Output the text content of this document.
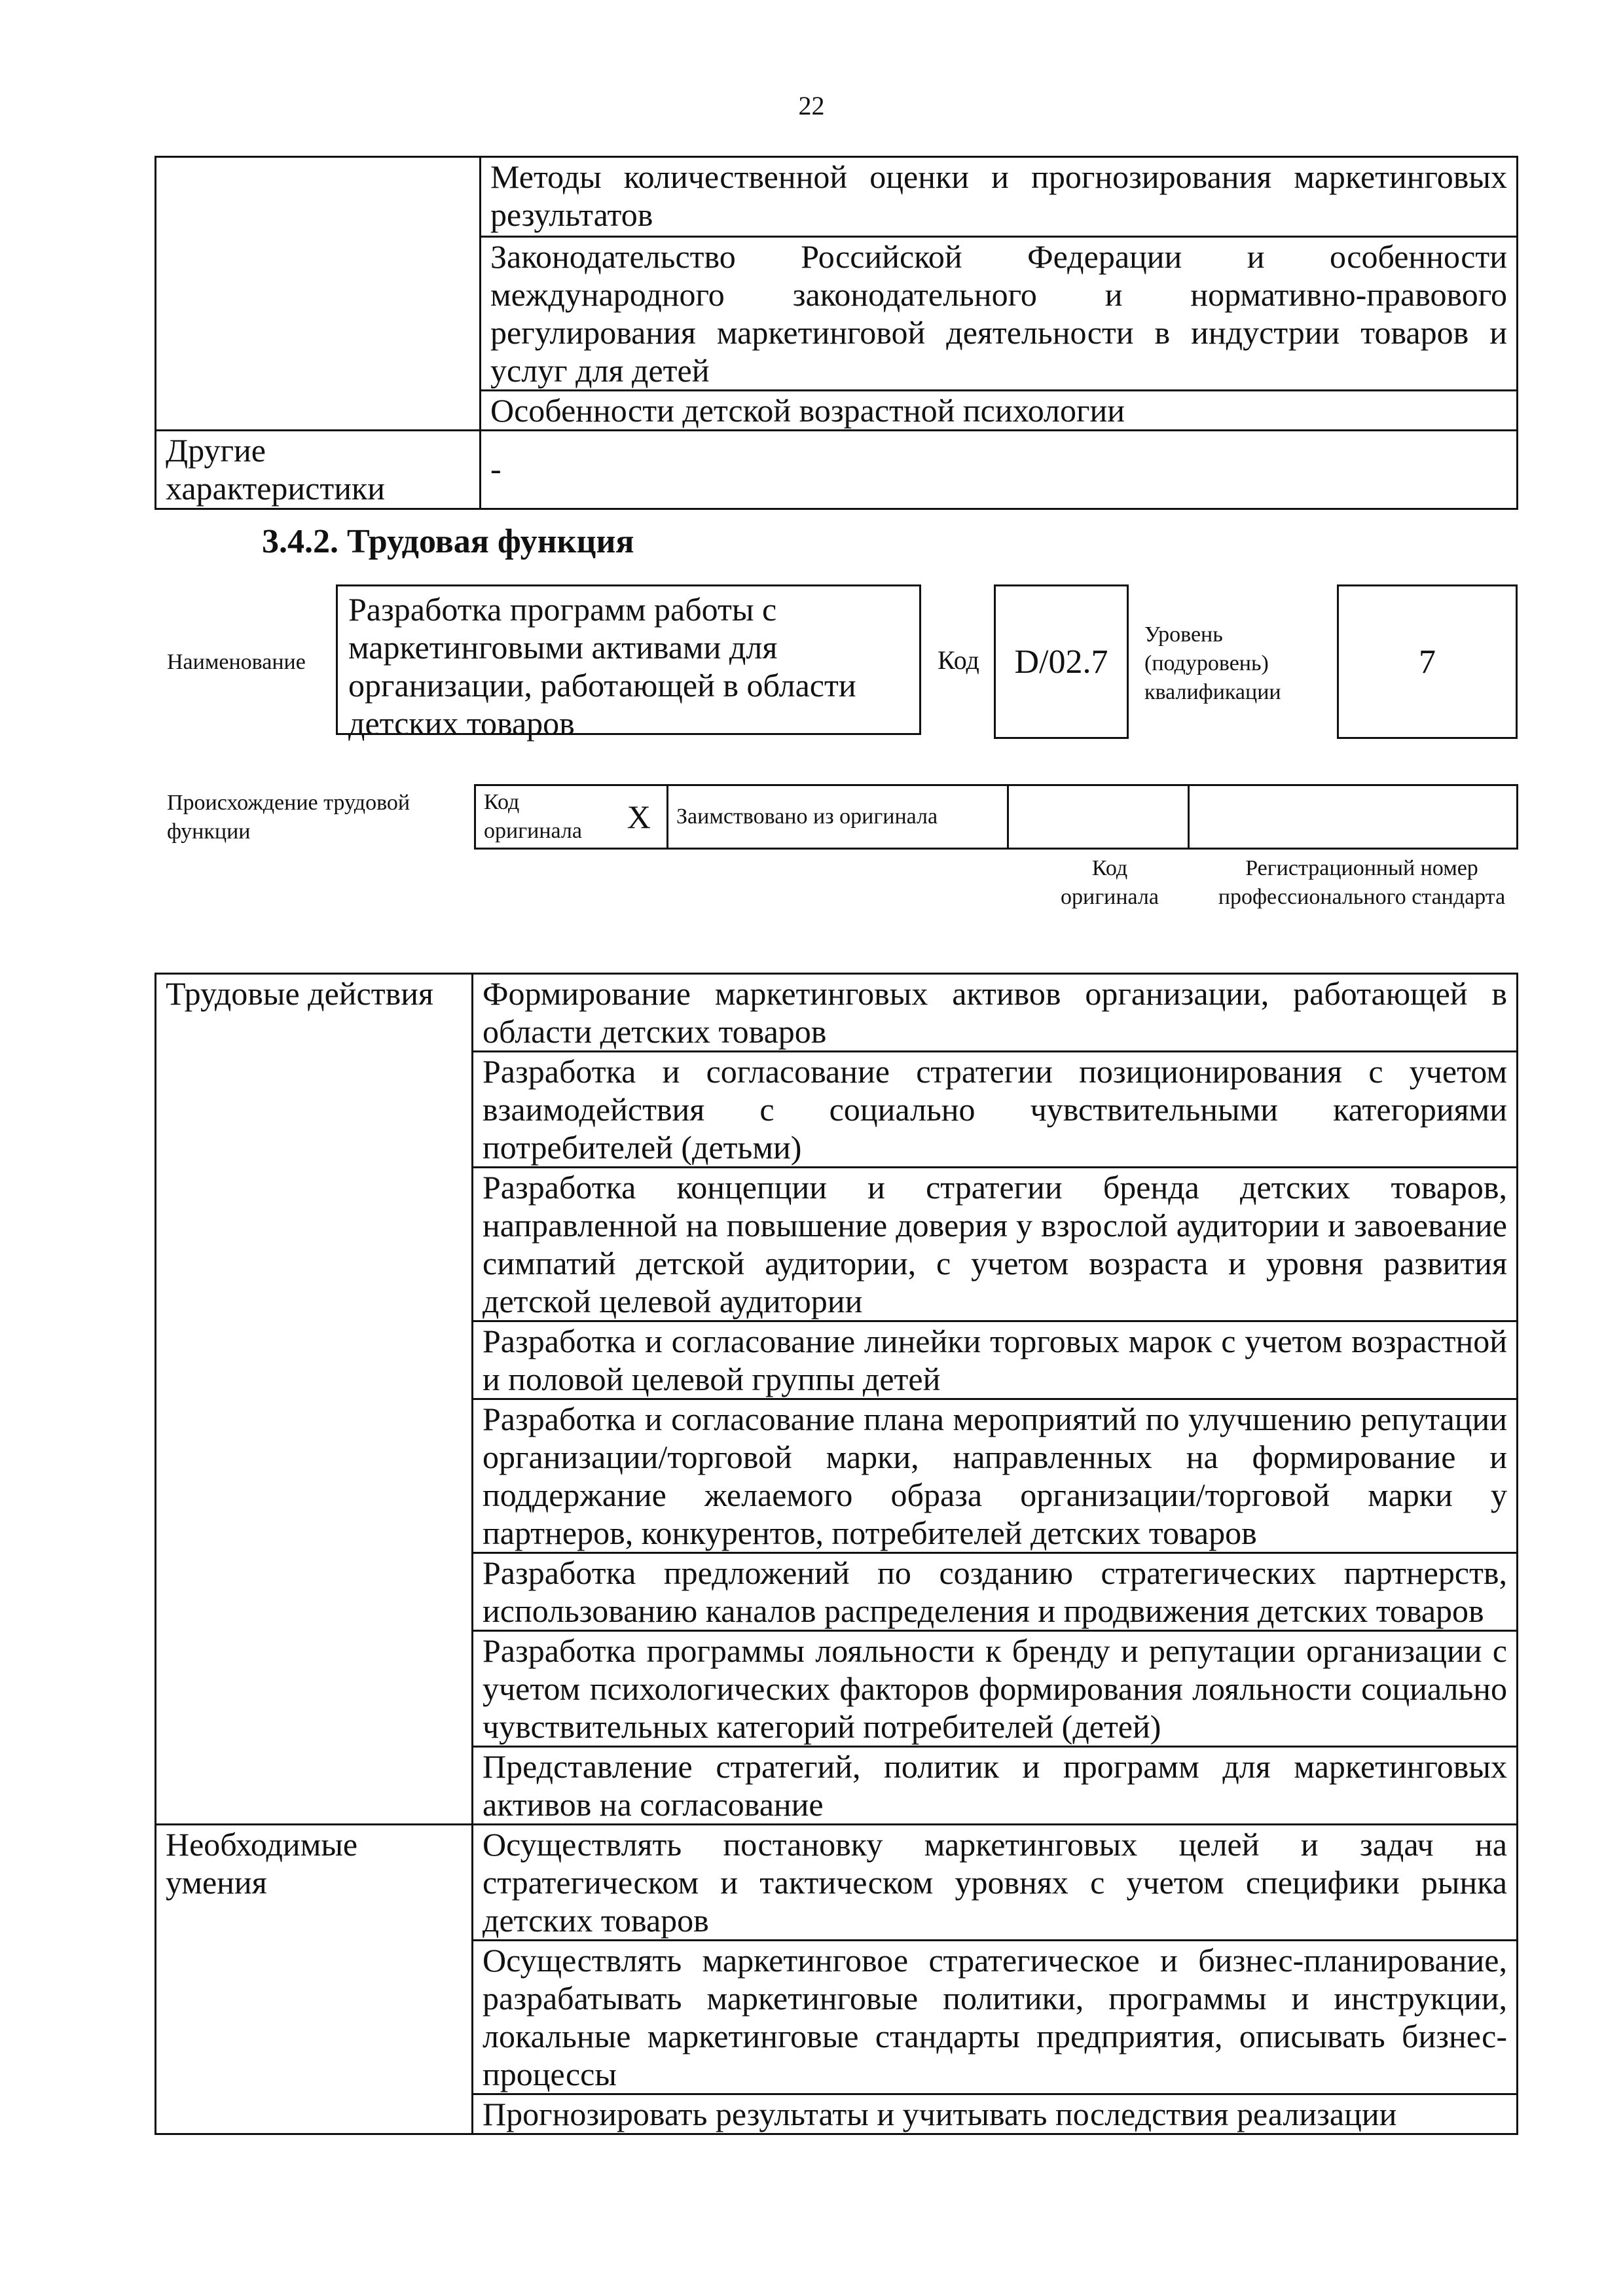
22
	Методы количественной оценки и прогнозирования маркетинговых результатов
	Законодательство Российской Федерации и особенности международного законодательного и нормативно-правового регулирования маркетинговой деятельности в индустрии товаров и услуг для детей
	Особенности детской возрастной психологии
Другие характеристики	-
3.4.2. Трудовая функция
Наименование
Разработка программ работы с маркетинговыми активами для организации, работающей в области детских товаров
Код	D/02.7
Уровень (подуровень) квалификации
7
Происхождение трудовой функции
Код оригинала	X	Заимствовано из оригинала		
Код оригинала
Регистрационный номер профессионального стандарта
Трудовые действия	Формирование маркетинговых активов организации, работающей в области детских товаров
	Разработка и согласование стратегии позиционирования с учетом взаимодействия с социально чувствительными категориями потребителей (детьми)
	Разработка концепции и стратегии бренда детских товаров, направленной на повышение доверия у взрослой аудитории и завоевание симпатий детской аудитории, с учетом возраста и уровня развития детской целевой аудитории
	Разработка и согласование линейки торговых марок с учетом возрастной и половой целевой группы детей
	Разработка и согласование плана мероприятий по улучшению репутации организации/торговой марки, направленных на формирование и поддержание желаемого образа организации/торговой марки у партнеров, конкурентов, потребителей детских товаров
	Разработка предложений по созданию стратегических партнерств, использованию каналов распределения и продвижения детских товаров
	Разработка программы лояльности к бренду и репутации организации с учетом психологических факторов формирования лояльности социально чувствительных категорий потребителей (детей)
	Представление стратегий, политик и программ для маркетинговых активов на согласование
Необходимые умения	Осуществлять постановку маркетинговых целей и задач на стратегическом и тактическом уровнях с учетом специфики рынка детских товаров
	Осуществлять маркетинговое стратегическое и бизнес-планирование, разрабатывать маркетинговые политики, программы и инструкции, локальные маркетинговые стандарты предприятия, описывать бизнес-процессы
	Прогнозировать результаты и учитывать последствия реализации
